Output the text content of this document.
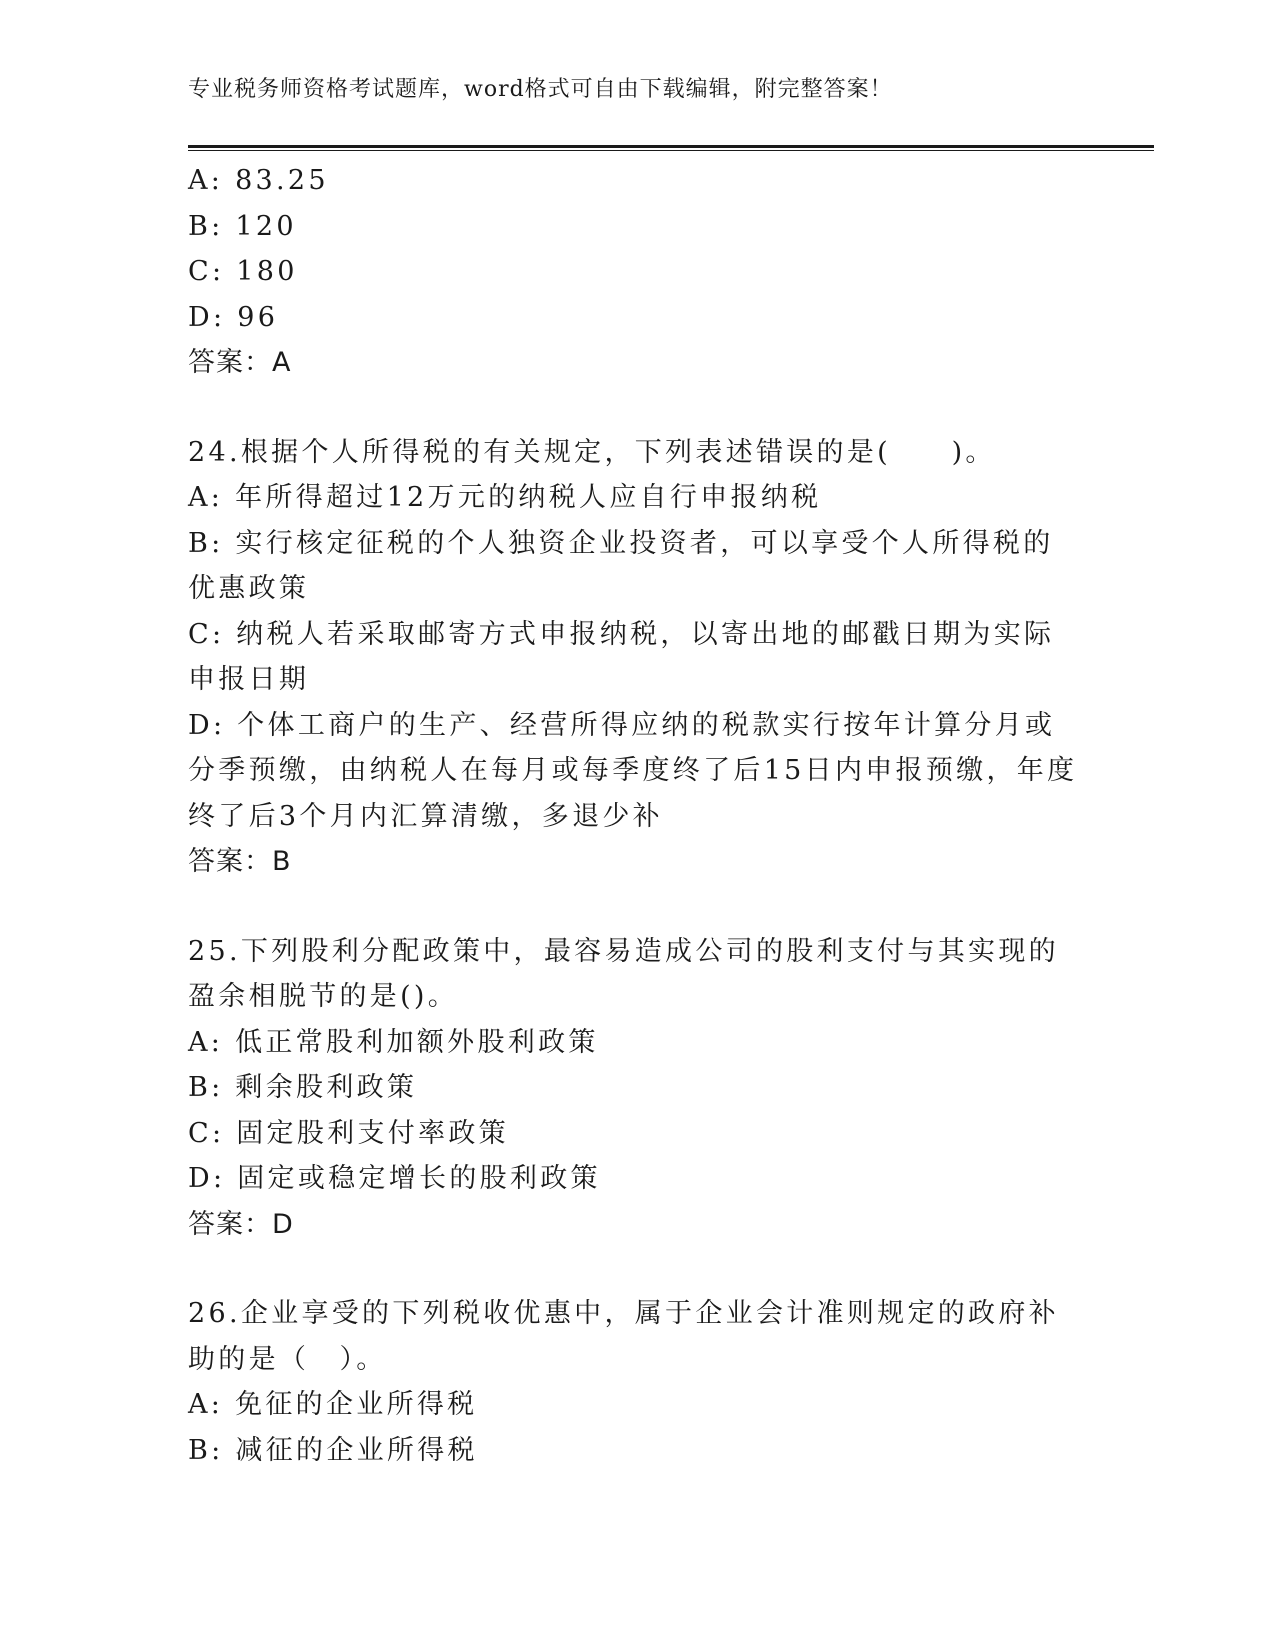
专业税务师资格考试题库，word格式可自由下载编辑，附完整答案！

A: 83.25

B: 120

C: 180

D: 96

答案：A

24.根据个人所得税的有关规定，下列表述错误的是(　　)。

A: 年所得超过12万元的纳税人应自行申报纳税

B: 实行核定征税的个人独资企业投资者，可以享受个人所得税的优惠政策

C: 纳税人若采取邮寄方式申报纳税，以寄出地的邮戳日期为实际申报日期

D: 个体工商户的生产、经营所得应纳的税款实行按年计算分月或分季预缴，由纳税人在每月或每季度终了后15日内申报预缴，年度终了后3个月内汇算清缴，多退少补

答案：B

25.下列股利分配政策中，最容易造成公司的股利支付与其实现的盈余相脱节的是()。

A: 低正常股利加额外股利政策

B: 剩余股利政策

C: 固定股利支付率政策

D: 固定或稳定增长的股利政策

答案：D

26.企业享受的下列税收优惠中，属于企业会计准则规定的政府补助的是（　）。

A: 免征的企业所得税

B: 减征的企业所得税
